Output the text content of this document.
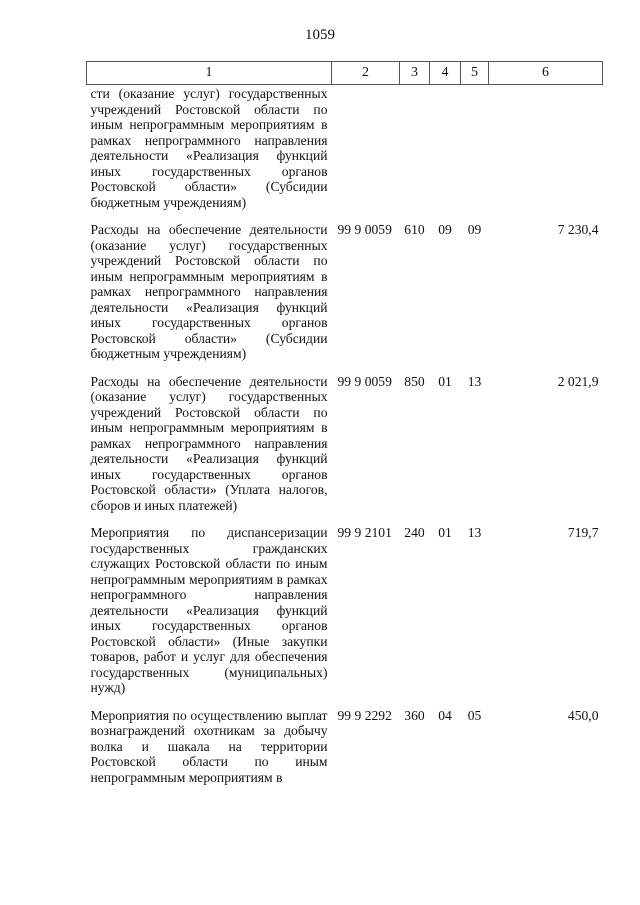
1059
1	2	3	4	5	6
сти (оказание услуг) государственных учреждений Ростовской области по иным непрограммным мероприятиям в рамках непрограммного направления деятельности «Реализация функций иных государственных органов Ростовской области» (Субсидии бюджетным учреждениям)					
Расходы на обеспечение деятельности (оказание услуг) государственных учреждений Ростовской области по иным непрограммным мероприятиям в рамках непрограммного направления деятельности «Реализация функций иных государственных органов Ростовской области» (Субсидии бюджетным учреждениям)	99 9 0059	610	09	09	7 230,4
Расходы на обеспечение деятельности (оказание услуг) государственных учреждений Ростовской области по иным непрограммным мероприятиям в рамках непрограммного направления деятельности «Реализация функций иных государственных органов Ростовской области» (Уплата налогов, сборов и иных платежей)	99 9 0059	850	01	13	2 021,9
Мероприятия по диспансеризации государственных гражданских служащих Ростовской области по иным непрограммным мероприятиям в рамках непрограммного направления деятельности «Реализация функций иных государственных органов Ростовской области» (Иные закупки товаров, работ и услуг для обеспечения государственных (муниципальных) нужд)	99 9 2101	240	01	13	719,7
Мероприятия по осуществлению выплат вознаграждений охотникам за добычу волка и шакала на территории Ростовской области по иным непрограммным мероприятиям в	99 9 2292	360	04	05	450,0
